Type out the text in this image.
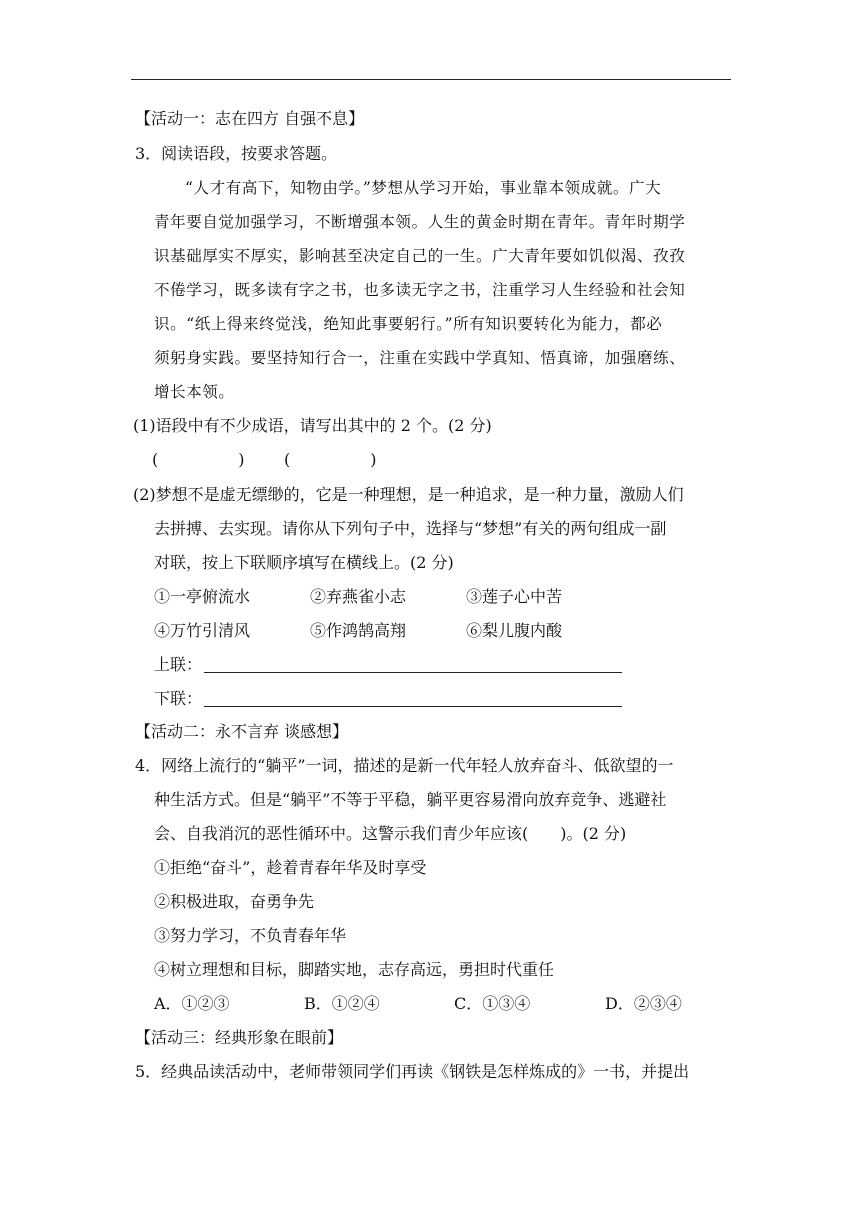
【活动一：志在四方 自强不息】
3．阅读语段，按要求答题。
“人才有高下，知物由学。”梦想从学习开始，事业靠本领成就。广大
青年要自觉加强学习，不断增强本领。人生的黄金时期在青年。青年时期学
识基础厚实不厚实，影响甚至决定自己的一生。广大青年要如饥似渴、孜孜
不倦学习，既多读有字之书，也多读无字之书，注重学习人生经验和社会知
识。“纸上得来终觉浅，绝知此事要躬行。”所有知识要转化为能力，都必
须躬身实践。要坚持知行合一，注重在实践中学真知、悟真谛，加强磨练、
增长本领。
(1)语段中有不少成语，请写出其中的 2 个。(2 分)
(　　　　　) (　　　　　)
(2)梦想不是虚无缥缈的，它是一种理想，是一种追求，是一种力量，激励人们
去拼搏、去实现。请你从下列句子中，选择与“梦想”有关的两句组成一副
对联，按上下联顺序填写在横线上。(2 分)
①一亭俯流水	②弃燕雀小志	③莲子心中苦
④万竹引清风	⑤作鸿鹄高翔	⑥梨儿腹内酸
上联：
下联：
【活动二：永不言弃 谈感想】
4．网络上流行的“躺平”一词，描述的是新一代年轻人放弃奋斗、低欲望的一
种生活方式。但是“躺平”不等于平稳，躺平更容易滑向放弃竞争、逃避社
会、自我消沉的恶性循环中。这警示我们青少年应该(　　)。(2 分)
①拒绝“奋斗”，趁着青春年华及时享受
②积极进取，奋勇争先
③努力学习，不负青春年华
④树立理想和目标，脚踏实地，志存高远，勇担时代重任
A．①②③	B．①②④	C．①③④	D．②③④
【活动三：经典形象在眼前】
5．经典品读活动中，老师带领同学们再读《钢铁是怎样炼成的》一书，并提出
